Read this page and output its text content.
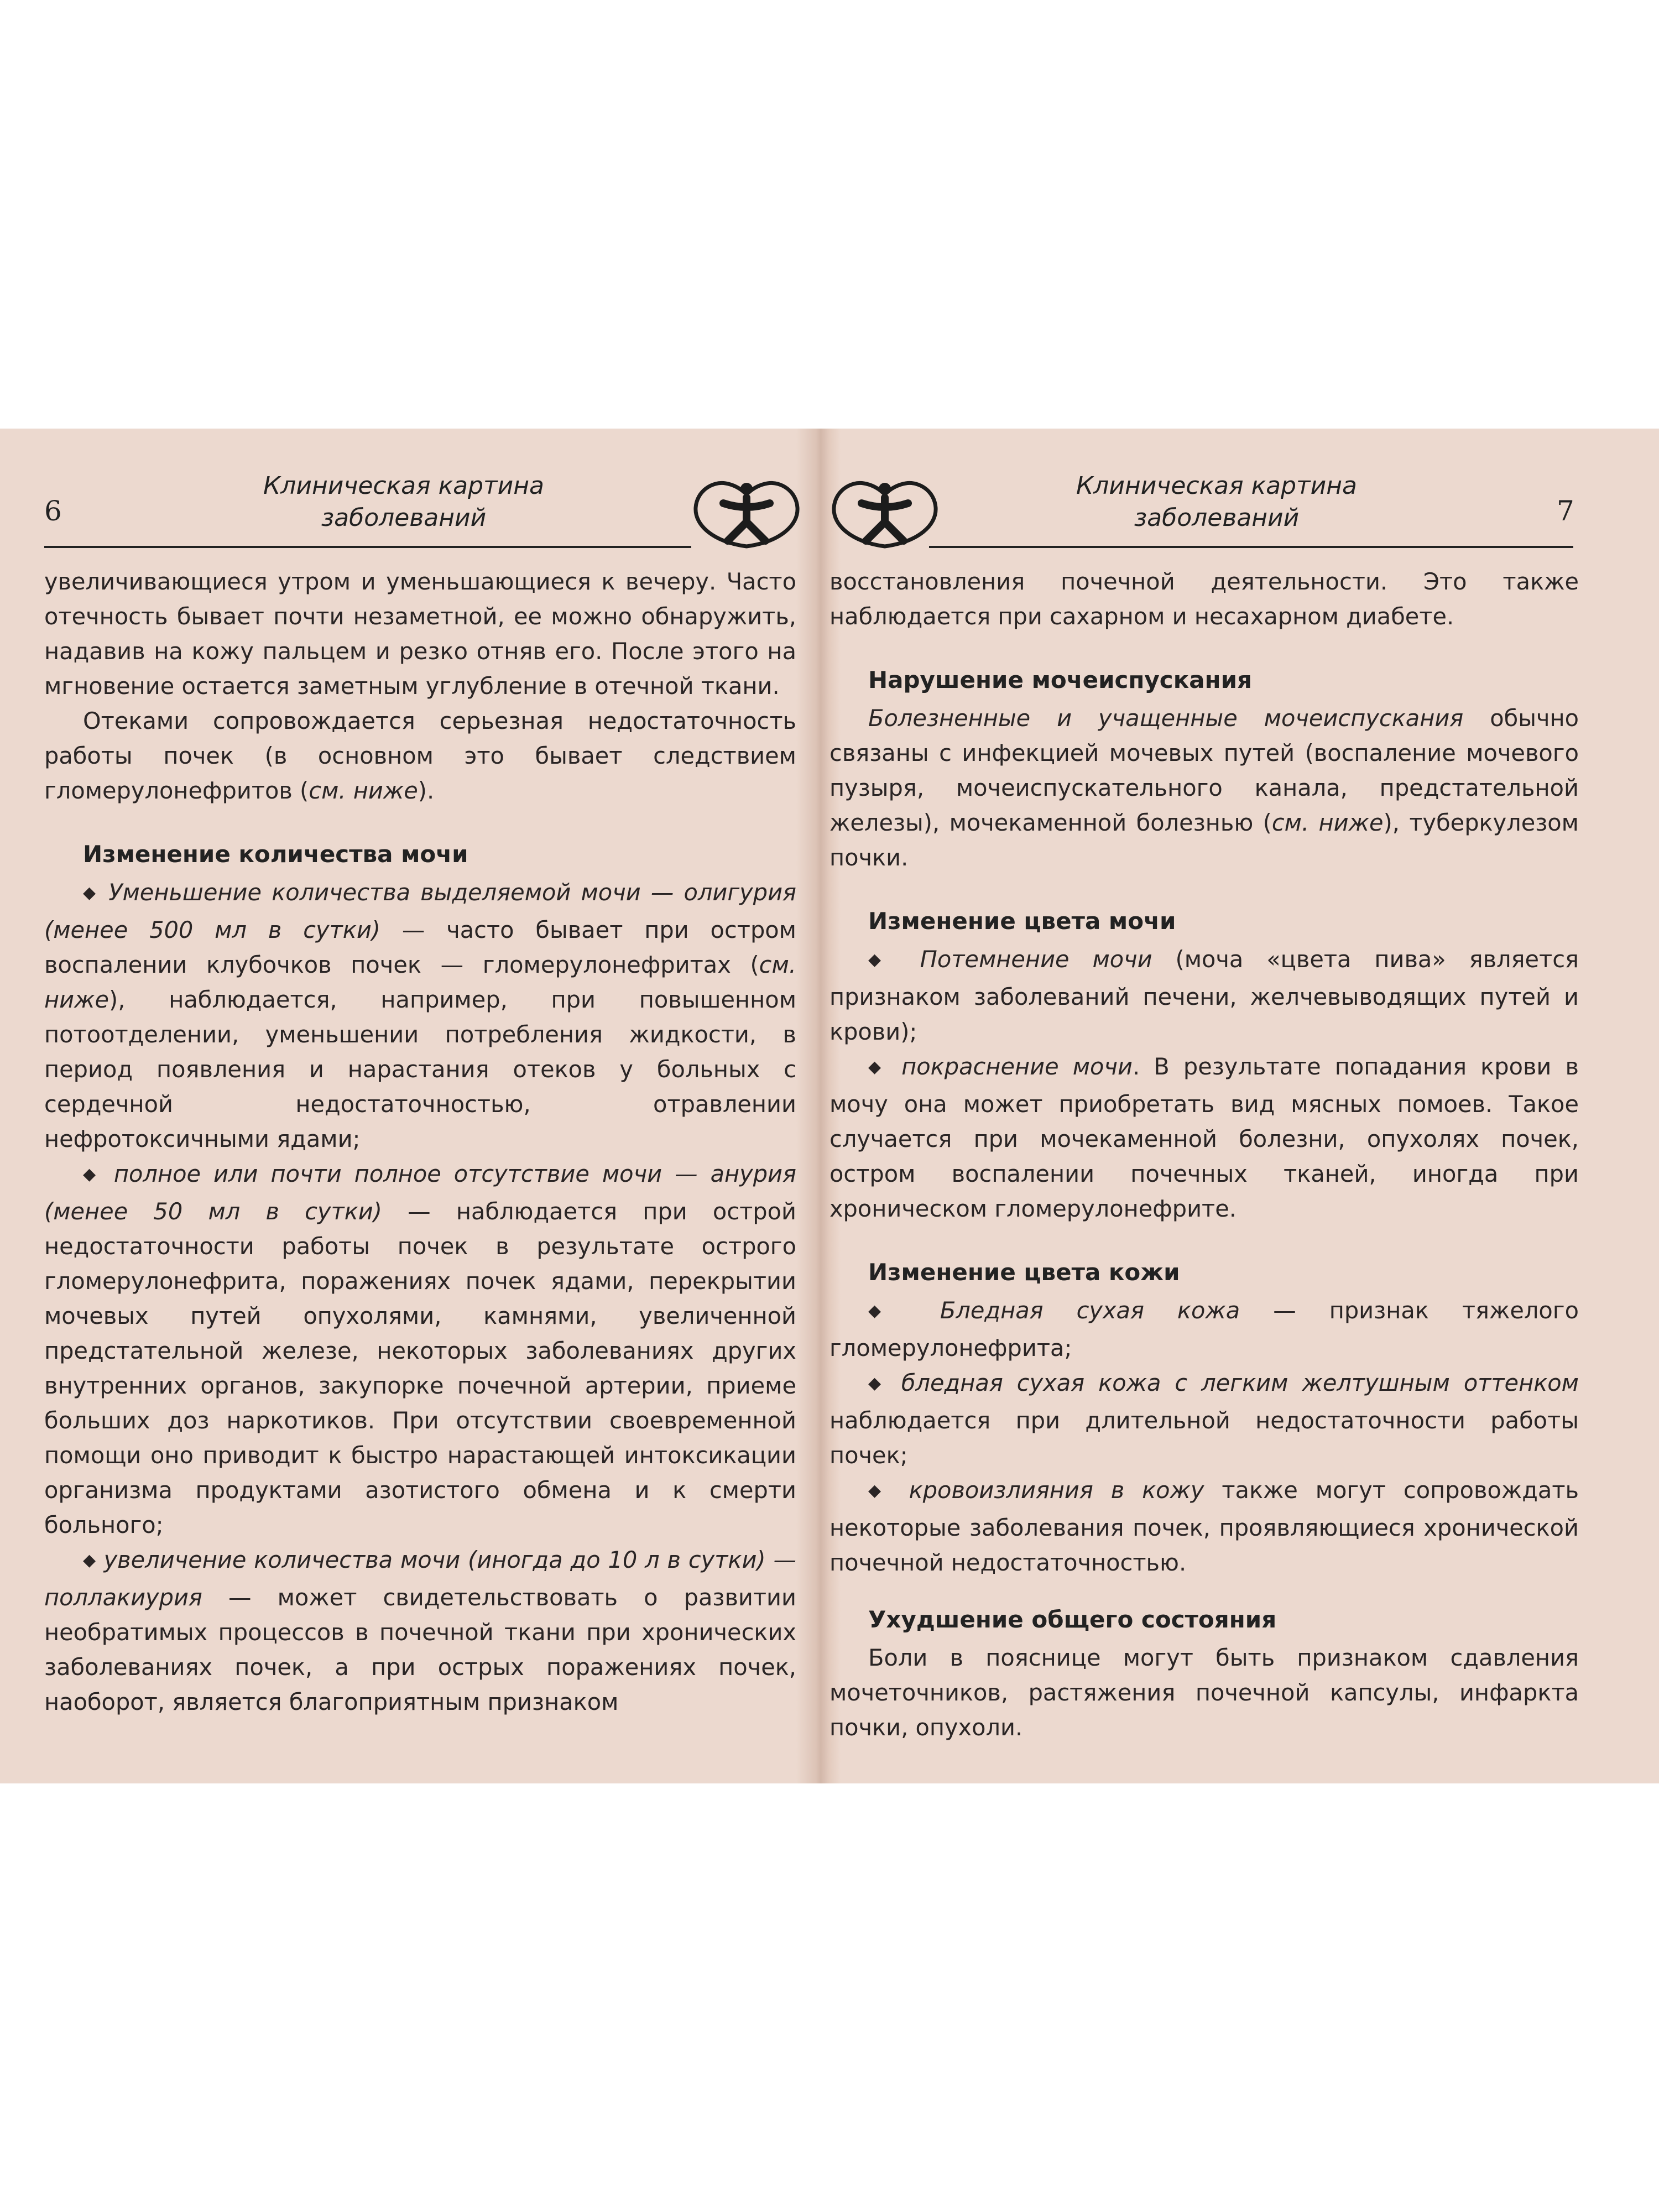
6
Клиническая картина
заболеваний

увеличивающиеся утром и уменьшающиеся к вечеру. Часто отечность бывает почти незаметной, ее можно обнаружить, надавив на кожу пальцем и резко отняв его. После этого на мгновение остается заметным углубление в отечной ткани.

Отеками сопровождается серьезная недостаточность работы почек (в основном это бывает следствием гломерулонефритов (см. ниже).

Изменение количества мочи

◆ Уменьшение количества выделяемой мочи — олигурия (менее 500 мл в сутки) — часто бывает при остром воспалении клубочков почек — гломерулонефритах (см. ниже), наблюдается, например, при повышенном потоотделении, уменьшении потребления жидкости, в период появления и нарастания отеков у больных с сердечной недостаточностью, отравлении нефротоксичными ядами;

◆ полное или почти полное отсутствие мочи — анурия (менее 50 мл в сутки) — наблюдается при острой недостаточности работы почек в результате острого гломерулонефрита, поражениях почек ядами, перекрытии мочевых путей опухолями, камнями, увеличенной предстательной железе, некоторых заболеваниях других внутренних органов, закупорке почечной артерии, приеме больших доз наркотиков. При отсутствии своевременной помощи оно приводит к быстро нарастающей интоксикации организма продуктами азотистого обмена и к смерти больного;

◆ увеличение количества мочи (иногда до 10 л в сутки) — поллакиурия — может свидетельствовать о развитии необратимых процессов в почечной ткани при хронических заболеваниях почек, а при острых поражениях почек, наоборот, является благоприятным признаком

Клиническая картина
заболеваний	7

восстановления почечной деятельности. Это также наблюдается при сахарном и несахарном диабете.

Нарушение мочеиспускания

Болезненные и учащенные мочеиспускания обычно связаны с инфекцией мочевых путей (воспаление мочевого пузыря, мочеиспускательного канала, предстательной железы), мочекаменной болезнью (см. ниже), туберкулезом почки.

Изменение цвета мочи

◆ Потемнение мочи (моча «цвета пива» является признаком заболеваний печени, желчевыводящих путей и крови);

◆ покраснение мочи. В результате попадания крови в мочу она может приобретать вид мясных помоев. Такое случается при мочекаменной болезни, опухолях почек, остром воспалении почечных тканей, иногда при хроническом гломерулонефрите.

Изменение цвета кожи

◆ Бледная сухая кожа — признак тяжелого гломерулонефрита;

◆ бледная сухая кожа с легким желтушным оттенком наблюдается при длительной недостаточности работы почек;

◆ кровоизлияния в кожу также могут сопровождать некоторые заболевания почек, проявляющиеся хронической почечной недостаточностью.

Ухудшение общего состояния

Боли в пояснице могут быть признаком сдавления мочеточников, растяжения почечной капсулы, инфаркта почки, опухоли.
